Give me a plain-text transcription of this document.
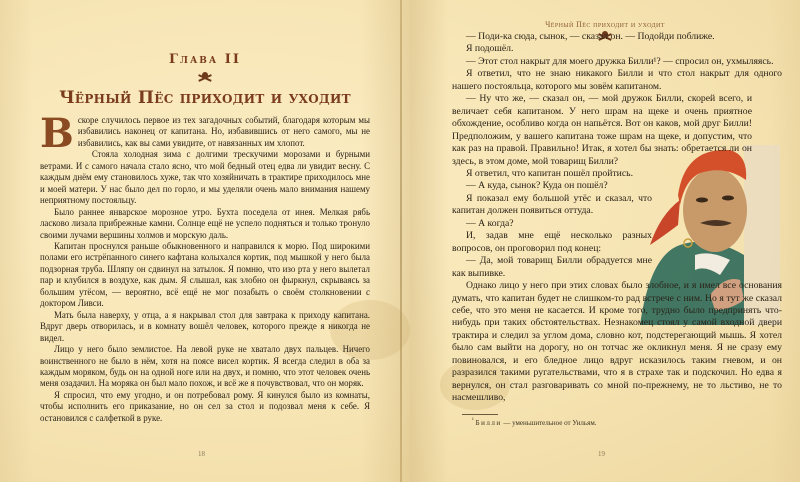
Глава II
Чёрный Пёс приходит и уходит

Вскоре случилось первое из тех загадочных событий, благодаря которым мы избавились наконец от капитана. Но, избавившись от него самого, мы не избавились, как вы сами увидите, от навязанных им хлопот.

Стояла холодная зима с долгими трескучими морозами и бурными ветрами. И с самого начала стало ясно, что мой бедный отец едва ли увидит весну. С каждым днём ему становилось хуже, так что хозяйничать в трактире приходилось мне и моей матери. У нас было дел по горло, и мы уделяли очень мало внимания нашему неприятному постояльцу.

Было раннее январское морозное утро. Бухта поседела от инея. Мелкая рябь ласково лизала прибрежные камни. Солнце ещё не успело подняться и только тронуло своими лучами вершины холмов и морскую даль.

Капитан проснулся раньше обыкновенного и направился к морю. Под широкими полами его истрёпанного синего кафтана колыхался кортик, под мышкой у него была подзорная труба. Шляпу он сдвинул на затылок. Я помню, что изо рта у него вылетал пар и клубился в воздухе, как дым. Я слышал, как злобно он фыркнул, скрываясь за большим утёсом, — вероятно, всё ещё не мог позабыть о своём столкновении с доктором Ливси.

Мать была наверху, у отца, а я накрывал стол для завтрака к приходу капитана. Вдруг дверь отворилась, и в комнату вошёл человек, которого прежде я никогда не видел.

Лицо у него было землистое. На левой руке не хватало двух пальцев. Ничего воинственного не было в нём, хотя на поясе висел кортик. Я всегда следил в оба за каждым моряком, будь он на одной ноге или на двух, и помню, что этот человек очень меня озадачил. На моряка он был мало похож, и всё же я почувствовал, что он моряк.

Я спросил, что ему угодно, и он потребовал рому. Я кинулся было из комнаты, чтобы исполнить его приказание, но он сел за стол и подозвал меня к себе. Я остановился с салфеткой в руке.

18
Чёрный Пёс приходит и уходит

— Поди-ка сюда, сынок, — сказал он. — Подойди поближе.

Я подошёл.

— Этот стол накрыт для моего дружка Билли¹? — спросил он, ухмыляясь.

Я ответил, что не знаю никакого Билли и что стол накрыт для одного нашего постояльца, которого мы зовём капитаном.

— Ну что же, — сказал он, — мой дружок Билли, скорей всего, и величает себя капитаном. У него шрам на щеке и очень приятное обхождение, особливо когда он напьётся. Вот он каков, мой друг Билли! Предположим, у вашего капитана тоже шрам на щеке, и допустим, что как раз на правой. Правильно! Итак, я хотел бы знать: обретается ли он здесь, в этом доме, мой товарищ Билли?

Я ответил, что капитан пошёл пройтись.

— А куда, сынок? Куда он пошёл?

Я показал ему большой утёс и сказал, что капитан должен появиться оттуда.

— А когда?

И, задав мне ещё несколько разных вопросов, он проговорил под конец:

— Да, мой товарищ Билли обрадуется мне как выпивке.

Однако лицо у него при этих словах было злобное, и я имел все основания думать, что капитан будет не слишком-то рад встрече с ним. Но я тут же сказал себе, что это меня не касается. И кроме того, трудно было предпринять что-нибудь при таких обстоятельствах. Незнакомец стоял у самой входной двери трактира и следил за углом дома, словно кот, подстерегающий мышь. Я хотел было сам выйти на дорогу, но он тотчас же окликнул меня. Я не сразу ему повиновался, и его бледное лицо вдруг исказилось таким гневом, и он разразился такими ругательствами, что я в страхе так и подскочил. Но едва я вернулся, он стал разговаривать со мной по-прежнему, не то льстиво, не то насмешливо,

$^{^1}$ Билли — уменьшительное от Уильям.
19
